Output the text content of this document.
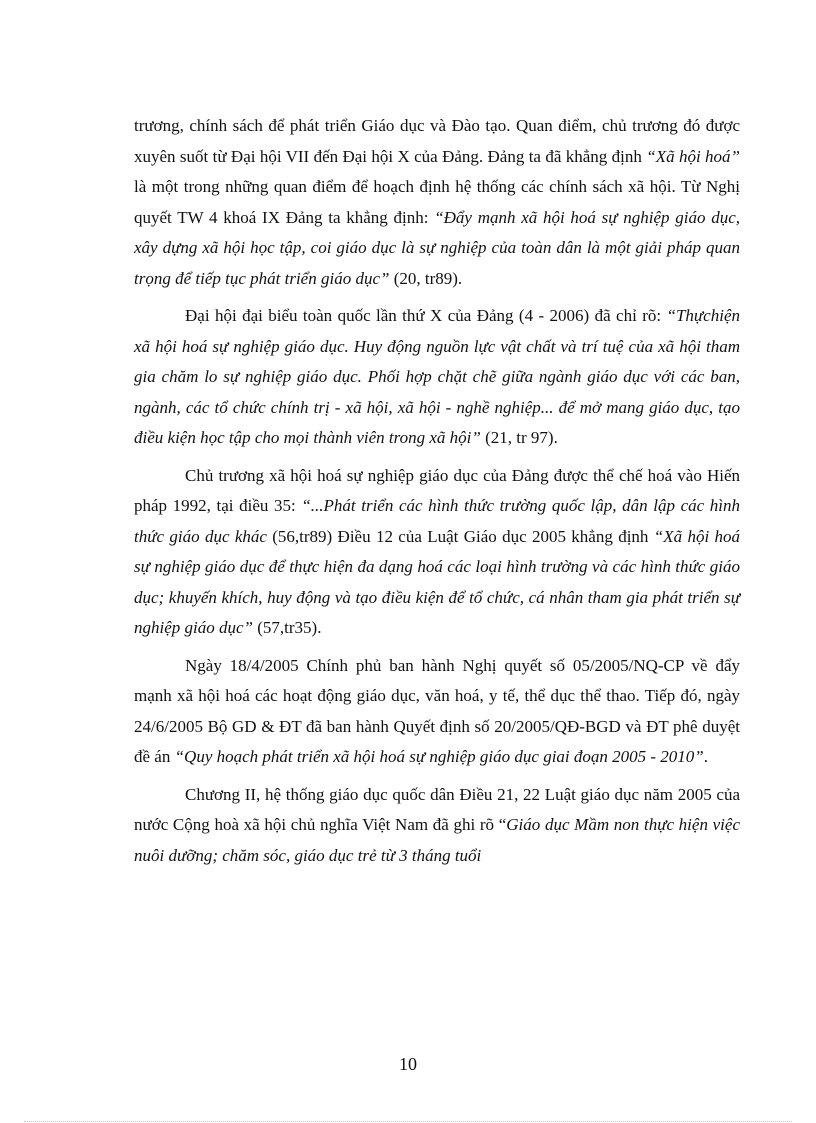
trương, chính sách để phát triển Giáo dục và Đào tạo. Quan điểm, chủ trương đó được xuyên suốt từ Đại hội VII đến Đại hội X của Đảng. Đảng ta đã khẳng định “Xã hội hoá” là một trong những quan điểm để hoạch định hệ thống các chính sách xã hội. Từ Nghị quyết TW 4 khoá IX Đảng ta khẳng định: “Đẩy mạnh xã hội hoá sự nghiệp giáo dục, xây dựng xã hội học tập, coi giáo dục là sự nghiệp của toàn dân là một giải pháp quan trọng để tiếp tục phát triển giáo dục” (20, tr89).

Đại hội đại biểu toàn quốc lần thứ X của Đảng (4 - 2006) đã chỉ rõ: “Thựchiện xã hội hoá sự nghiệp giáo dục. Huy động nguồn lực vật chất và trí tuệ của xã hội tham gia chăm lo sự nghiệp giáo dục. Phối hợp chặt chẽ giữa ngành giáo dục với các ban, ngành, các tổ chức chính trị - xã hội, xã hội - nghề nghiệp... để mở mang giáo dục, tạo điều kiện học tập cho mọi thành viên trong xã hội” (21, tr 97).

Chủ trương xã hội hoá sự nghiệp giáo dục của Đảng được thể chế hoá vào Hiến pháp 1992, tại điều 35: “...Phát triển các hình thức trường quốc lập, dân lập các hình thức giáo dục khác (56,tr89) Điều 12 của Luật Giáo dục 2005 khẳng định “Xã hội hoá sự nghiệp giáo dục để thực hiện đa dạng hoá các loại hình trường và các hình thức giáo dục; khuyến khích, huy động và tạo điều kiện để tổ chức, cá nhân tham gia phát triển sự nghiệp giáo dục” (57,tr35).

Ngày 18/4/2005 Chính phủ ban hành Nghị quyết số 05/2005/NQ-CP về đẩy mạnh xã hội hoá các hoạt động giáo dục, văn hoá, y tế, thể dục thể thao. Tiếp đó, ngày 24/6/2005 Bộ GD & ĐT đã ban hành Quyết định số 20/2005/QĐ-BGD và ĐT phê duyệt đề án “Quy hoạch phát triển xã hội hoá sự nghiệp giáo dục giai đoạn 2005 - 2010”.

Chương II, hệ thống giáo dục quốc dân Điều 21, 22 Luật giáo dục năm 2005 của nước Cộng hoà xã hội chủ nghĩa Việt Nam đã ghi rõ “Giáo dục Mầm non thực hiện việc nuôi dưỡng; chăm sóc, giáo dục trẻ từ 3 tháng tuổi

10
